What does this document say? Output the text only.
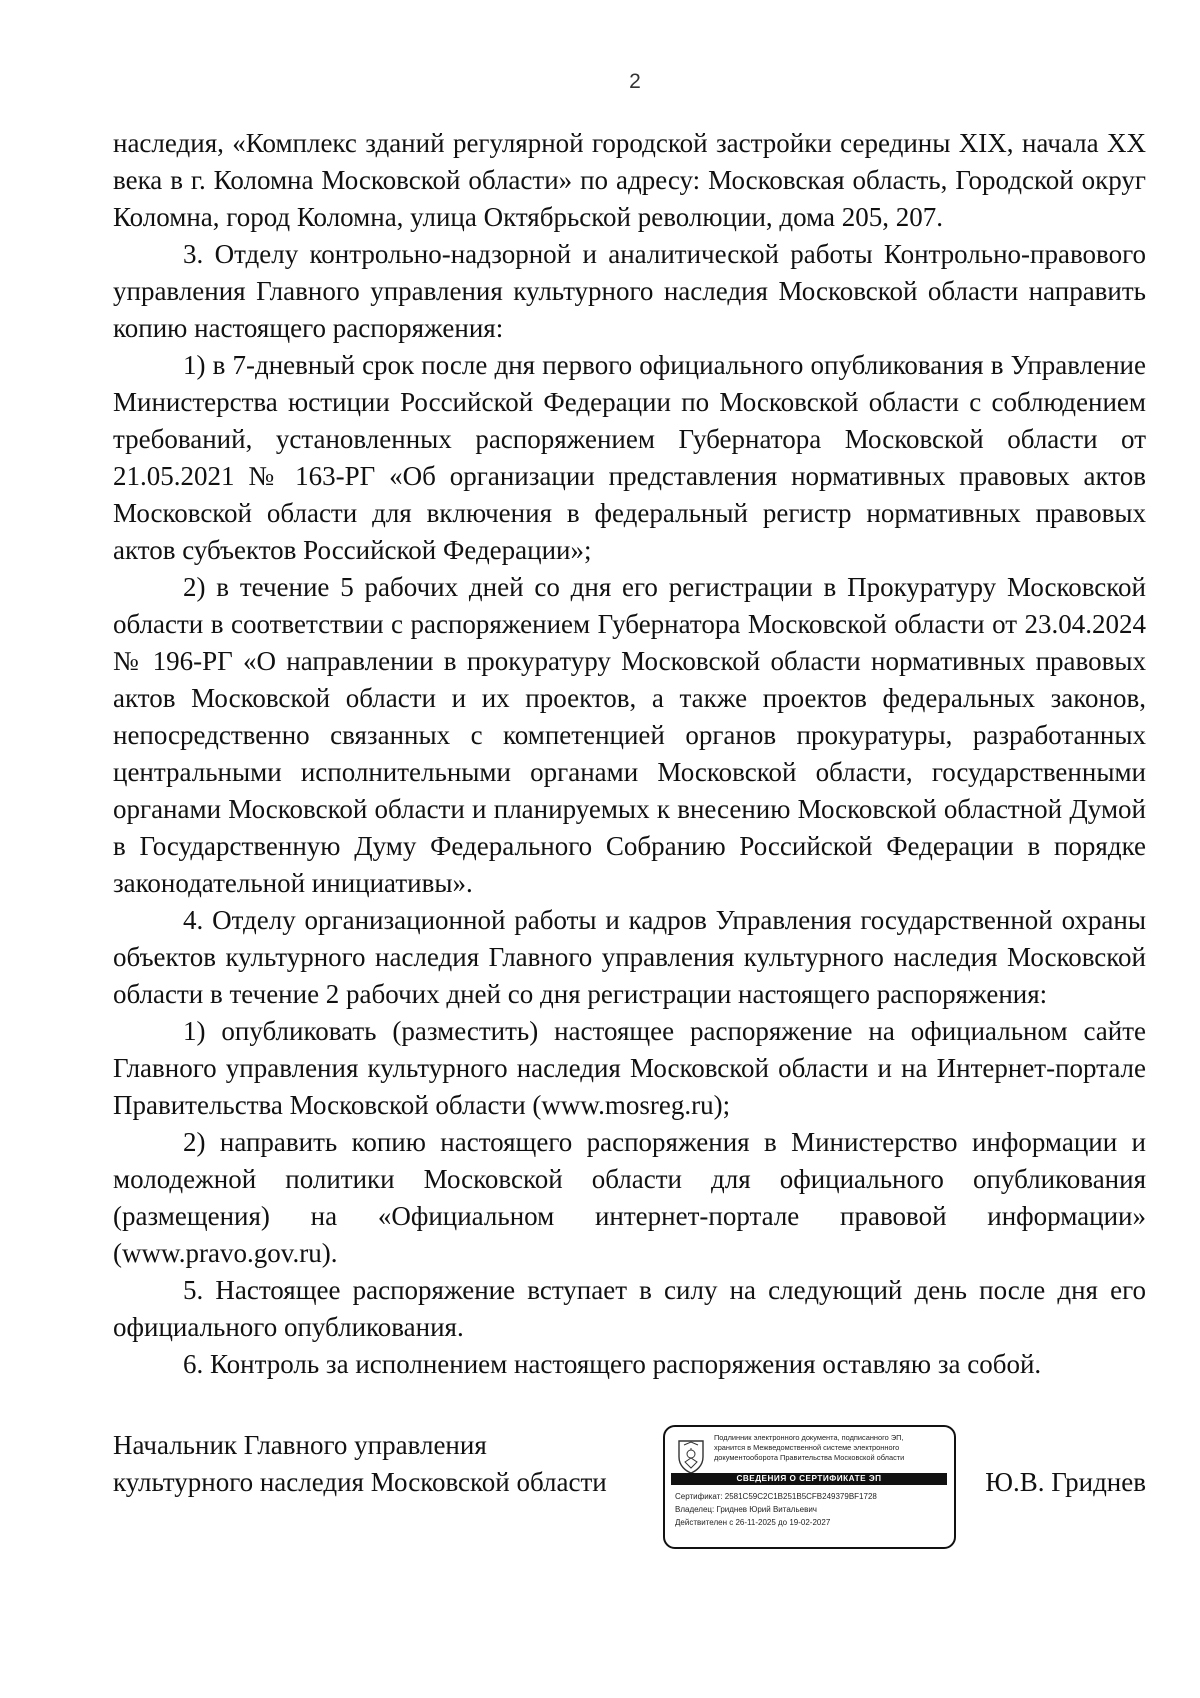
2

наследия, «Комплекс зданий регулярной городской застройки середины XIX, начала XX века в г. Коломна Московской области» по адресу: Московская область, Городской округ Коломна, город Коломна, улица Октябрьской революции, дома 205, 207.

3. Отделу контрольно-надзорной и аналитической работы Контрольно-правового управления Главного управления культурного наследия Московской области направить копию настоящего распоряжения:

1) в 7-дневный срок после дня первого официального опубликования в Управление Министерства юстиции Российской Федерации по Московской области с соблюдением требований, установленных распоряжением Губернатора Московской области от 21.05.2021 № 163-РГ «Об организации представления нормативных правовых актов Московской области для включения в федеральный регистр нормативных правовых актов субъектов Российской Федерации»;

2) в течение 5 рабочих дней со дня его регистрации в Прокуратуру Московской области в соответствии с распоряжением Губернатора Московской области от 23.04.2024 № 196-РГ «О направлении в прокуратуру Московской области нормативных правовых актов Московской области и их проектов, а также проектов федеральных законов, непосредственно связанных с компетенцией органов прокуратуры, разработанных центральными исполнительными органами Московской области, государственными органами Московской области и планируемых к внесению Московской областной Думой в Государственную Думу Федерального Собранию Российской Федерации в порядке законодательной инициативы».

4. Отделу организационной работы и кадров Управления государственной охраны объектов культурного наследия Главного управления культурного наследия Московской области в течение 2 рабочих дней со дня регистрации настоящего распоряжения:

1) опубликовать (разместить) настоящее распоряжение на официальном сайте Главного управления культурного наследия Московской области и на Интернет-портале Правительства Московской области (www.mosreg.ru);

2) направить копию настоящего распоряжения в Министерство информации и молодежной политики Московской области для официального опубликования (размещения) на «Официальном интернет-портале правовой информации» (www.pravo.gov.ru).

5. Настоящее распоряжение вступает в силу на следующий день после дня его официального опубликования.

6. Контроль за исполнением настоящего распоряжения оставляю за собой.

Начальник Главного управления
культурного наследия Московской области
Подлинник электронного документа, подписанного ЭП,
хранится в Межведомственной системе электронного
документооборота Правительства Московской области
СВЕДЕНИЯ О СЕРТИФИКАТЕ ЭП
Сертификат: 2581C59C2C1B251B5CFB249379BF1728
Владелец: Гриднев Юрий Витальевич
Действителен с 26-11-2025 до 19-02-2027
Ю.В. Гриднев
